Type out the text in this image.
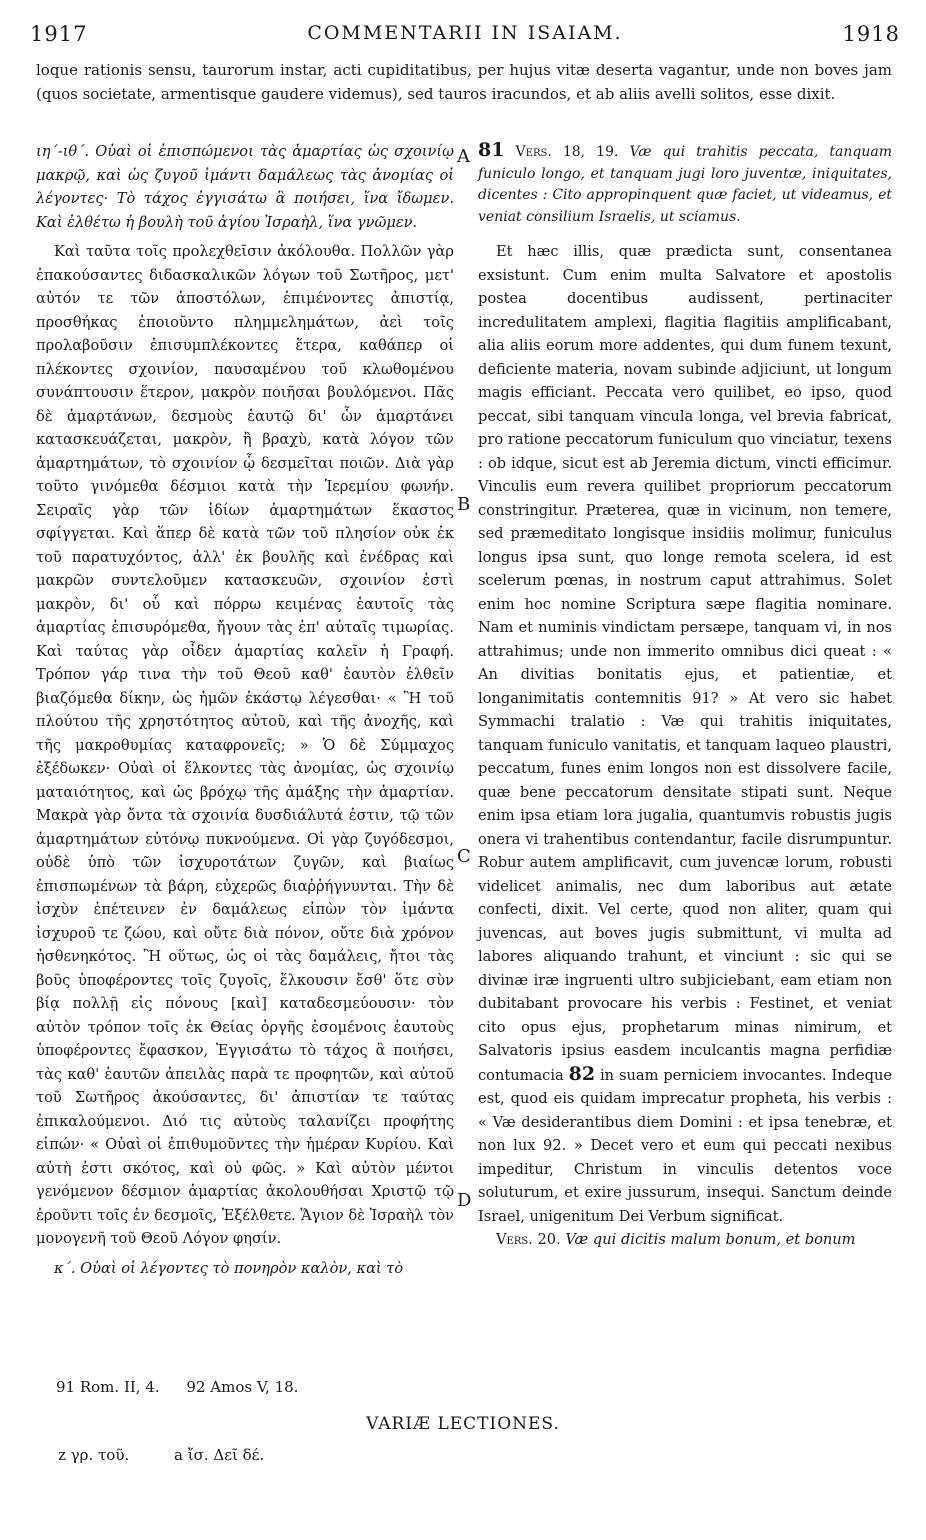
1917	COMMENTARII IN ISAIAM.	1918

loque rationis sensu, taurorum instar, acti cupiditatibus, per hujus vitæ deserta vagantur, unde non boves jam (quos societate, armentisque gaudere videmus), sed tauros iracundos, et ab aliis avelli solitos, esse dixit.

ιη΄-ιθ΄. Οὐαὶ οἱ ἐπισπώμενοι τὰς ἁμαρτίας ὡς σχοινίῳ μακρῷ, καὶ ὡς ζυγοῦ ἱμάντι δαμάλεως τὰς ἀνομίας οἱ λέγοντες· Τὸ τάχος ἐγγισάτω ἃ ποιήσει, ἵνα ἴδωμεν. Καὶ ἐλθέτω ἡ βουλὴ τοῦ ἁγίου Ἰσραὴλ, ἵνα γνῶμεν.

Καὶ ταῦτα τοῖς προλεχθεῖσιν ἀκόλουθα. Πολλῶν γὰρ ἐπακούσαντες διδασκαλικῶν λόγων τοῦ Σωτῆρος, μετ' αὐτόν τε τῶν ἀποστόλων, ἐπιμένοντες ἀπιστίᾳ, προσθήκας ἐποιοῦντο πλημμελημάτων, ἀεὶ τοῖς προλαβοῦσιν ἐπισυμπλέκοντες ἕτερα, καθάπερ οἱ πλέκοντες σχοινίον, παυσαμένου τοῦ κλωθομένου συνάπτουσιν ἕτερον, μακρὸν ποιῆσαι βουλόμενοι. Πᾶς δὲ ἁμαρτάνων, δεσμοὺς ἑαυτῷ δι' ὧν ἁμαρτάνει κατασκευάζεται, μακρὸν, ἢ βραχὺ, κατὰ λόγον τῶν ἁμαρτημάτων, τὸ σχοινίον ᾧ δεσμεῖται ποιῶν. Διὰ γὰρ τοῦτο γινόμεθα δέσμιοι κατὰ τὴν Ἱερεμίου φωνήν. Σειραῖς γὰρ τῶν ἰδίων ἁμαρτημάτων ἕκαστος σφίγγεται. Καὶ ἅπερ δὲ κατὰ τῶν τοῦ πλησίον οὐκ ἐκ τοῦ παρατυχόντος, ἀλλ' ἐκ βουλῆς καὶ ἐνέδρας καὶ μακρῶν συντελοῦμεν κατασκευῶν, σχοινίον ἐστὶ μακρὸν, δι' οὗ καὶ πόρρω κειμένας ἑαυτοῖς τὰς ἁμαρτίας ἐπισυρόμεθα, ἤγουν τὰς ἐπ' αὐταῖς τιμωρίας. Καὶ ταύτας γὰρ οἶδεν ἁμαρτίας καλεῖν ἡ Γραφή. Τρόπον γάρ τινα τὴν τοῦ Θεοῦ καθ' ἑαυτὸν ἐλθεῖν βιαζόμεθα δίκην, ὡς ἡμῶν ἑκάστῳ λέγεσθαι· « Ἢ τοῦ πλούτου τῆς χρηστότητος αὐτοῦ, καὶ τῆς ἀνοχῆς, καὶ τῆς μακροθυμίας καταφρονεῖς; » Ὁ δὲ Σύμμαχος ἐξέδωκεν· Οὐαὶ οἱ ἕλκοντες τὰς ἀνομίας, ὡς σχοινίῳ ματαιότητος, καὶ ὡς βρόχῳ τῆς ἁμάξης τὴν ἁμαρτίαν. Μακρὰ γὰρ ὄντα τὰ σχοινία δυσδιάλυτά ἐστιν, τῷ τῶν ἁμαρτημάτων εὐτόνῳ πυκνούμενα. Οἱ γὰρ ζυγόδεσμοι, οὐδὲ ὑπὸ τῶν ἰσχυροτάτων ζυγῶν, καὶ βιαίως ἐπισπωμένων τὰ βάρη, εὐχερῶς διαῤῥήγνυνται. Τὴν δὲ ἰσχὺν ἐπέτεινεν ἐν δαμάλεως εἰπὼν τὸν ἱμάντα ἰσχυροῦ τε ζώου, καὶ οὔτε διὰ πόνον, οὔτε διὰ χρόνον ἠσθενηκότος. Ἢ οὕτως, ὡς οἱ τὰς δαμάλεις, ἤτοι τὰς βοῦς ὑποφέροντες τοῖς ζυγοῖς, ἕλκουσιν ἔσθ' ὅτε σὺν βίᾳ πολλῇ εἰς πόνους [καὶ] καταδεσμεύουσιν· τὸν αὐτὸν τρόπον τοῖς ἐκ Θείας ὀργῆς ἐσομένοις ἑαυτοὺς ὑποφέροντες ἔφασκον, Ἐγγισάτω τὸ τάχος ἃ ποιήσει, τὰς καθ' ἑαυτῶν ἀπειλὰς παρὰ τε προφητῶν, καὶ αὐτοῦ τοῦ Σωτῆρος ἀκούσαντες, δι' ἀπιστίαν τε ταύτας ἐπικαλούμενοι. Διό τις αὐτοὺς ταλανίζει προφήτης εἰπών· « Οὐαὶ οἱ ἐπιθυμοῦντες τὴν ἡμέραν Κυρίου. Καὶ αὐτὴ ἐστι σκότος, καὶ οὐ φῶς. » Καὶ αὐτὸν μέντοι γενόμενον δέσμιον ἁμαρτίας ἀκολουθήσαι Χριστῷ τῷ ἐροῦντι τοῖς ἐν δεσμοῖς, Ἐξέλθετε. Ἅγιον δὲ Ἰσραὴλ τὸν μονογενῆ τοῦ Θεοῦ Λόγον φησίν.

κ΄. Οὐαὶ οἱ λέγοντες τὸ πονηρὸν καλὸν, καὶ τὸ

A
B
C
D

81 Vers. 18, 19. Væ qui trahitis peccata, tanquam funiculo longo, et tanquam jugi loro juventæ, iniquitates, dicentes : Cito appropinquent quæ faciet, ut videamus, et veniat consilium Israelis, ut sciamus.

Et hæc illis, quæ prædicta sunt, consentanea exsistunt. Cum enim multa Salvatore et apostolis postea docentibus audissent, pertinaciter incredulitatem amplexi, flagitia flagitiis amplificabant, alia aliis eorum more addentes, qui dum funem texunt, deficiente materia, novam subinde adjiciunt, ut longum magis efficiant. Peccata vero quilibet, eo ipso, quod peccat, sibi tanquam vincula longa, vel brevia fabricat, pro ratione peccatorum funiculum quo vinciatur, texens : ob idque, sicut est ab Jeremia dictum, vincti efficimur. Vinculis eum revera quilibet propriorum peccatorum constringitur. Præterea, quæ in vicinum, non temere, sed præmeditato longisque insidiis molimur, funiculus longus ipsa sunt, quo longe remota scelera, id est scelerum pœnas, in nostrum caput attrahimus. Solet enim hoc nomine Scriptura sæpe flagitia nominare. Nam et numinis vindictam persæpe, tanquam vi, in nos attrahimus; unde non immerito omnibus dici queat : « An divitias bonitatis ejus, et patientiæ, et longanimitatis contemnitis 91? » At vero sic habet Symmachi tralatio : Væ qui trahitis iniquitates, tanquam funiculo vanitatis, et tanquam laqueo plaustri, peccatum, funes enim longos non est dissolvere facile, quæ bene peccatorum densitate stipati sunt. Neque enim ipsa etiam lora jugalia, quantumvis robustis jugis onera vi trahentibus contendantur, facile disrumpuntur. Robur autem amplificavit, cum juvencæ lorum, robusti videlicet animalis, nec dum laboribus aut ætate confecti, dixit. Vel certe, quod non aliter, quam qui juvencas, aut boves jugis submittunt, vi multa ad labores aliquando trahunt, et vinciunt : sic qui se divinæ iræ ingruenti ultro subjiciebant, eam etiam non dubitabant provocare his verbis : Festinet, et veniat cito opus ejus, prophetarum minas nimirum, et Salvatoris ipsius easdem inculcantis magna perfidiæ contumacia 82 in suam perniciem invocantes. Indeque est, quod eis quidam imprecatur propheta, his verbis : « Væ desiderantibus diem Domini : et ipsa tenebræ, et non lux 92. » Decet vero et eum qui peccati nexibus impeditur, Christum in vinculis detentos voce soluturum, et exire jussurum, insequi. Sanctum deinde Israel, unigenitum Dei Verbum significat.

Vers. 20. Væ qui dicitis malum bonum, et bonum

91 Rom. II, 4. 92 Amos V, 18.
VARIÆ LECTIONES.
z γρ. τοῦ.	a ἴσ. Δεῖ δέ.
